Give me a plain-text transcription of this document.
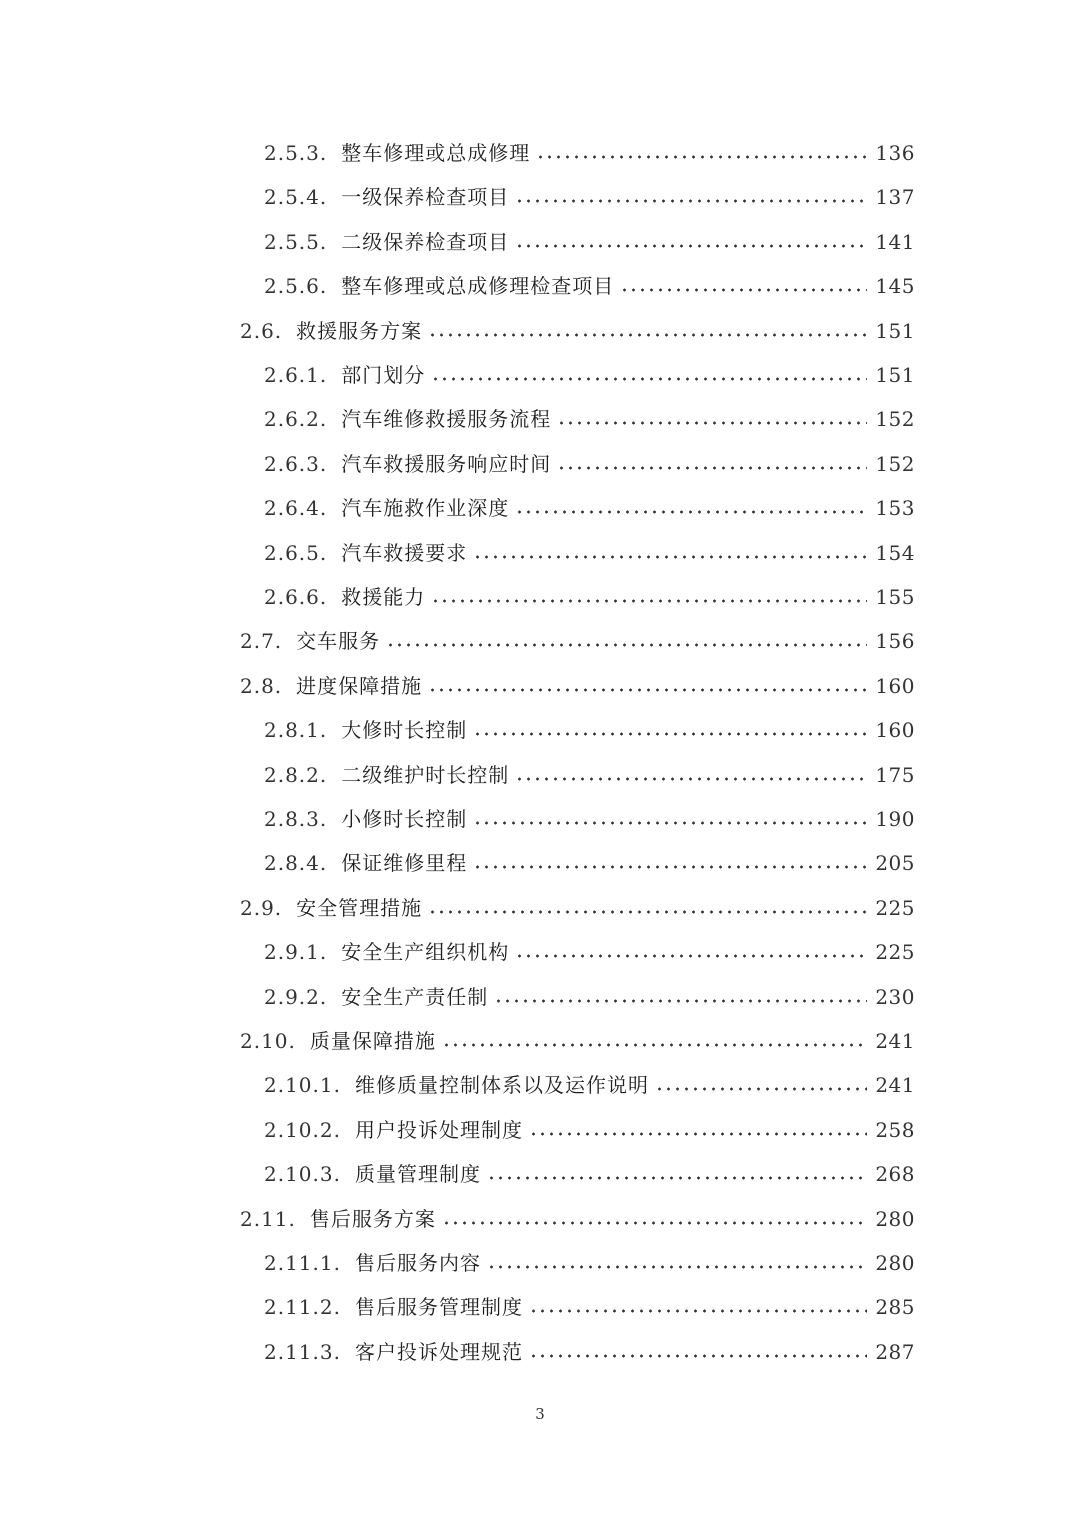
2.5.3. 整车修理或总成修理	136
2.5.4. 一级保养检查项目	137
2.5.5. 二级保养检查项目	141
2.5.6. 整车修理或总成修理检查项目	145
2.6. 救援服务方案	151
2.6.1. 部门划分	151
2.6.2. 汽车维修救援服务流程	152
2.6.3. 汽车救援服务响应时间	152
2.6.4. 汽车施救作业深度	153
2.6.5. 汽车救援要求	154
2.6.6. 救援能力	155
2.7. 交车服务	156
2.8. 进度保障措施	160
2.8.1. 大修时长控制	160
2.8.2. 二级维护时长控制	175
2.8.3. 小修时长控制	190
2.8.4. 保证维修里程	205
2.9. 安全管理措施	225
2.9.1. 安全生产组织机构	225
2.9.2. 安全生产责任制	230
2.10. 质量保障措施	241
2.10.1. 维修质量控制体系以及运作说明	241
2.10.2. 用户投诉处理制度	258
2.10.3. 质量管理制度	268
2.11. 售后服务方案	280
2.11.1. 售后服务内容	280
2.11.2. 售后服务管理制度	285
2.11.3. 客户投诉处理规范	287
3
